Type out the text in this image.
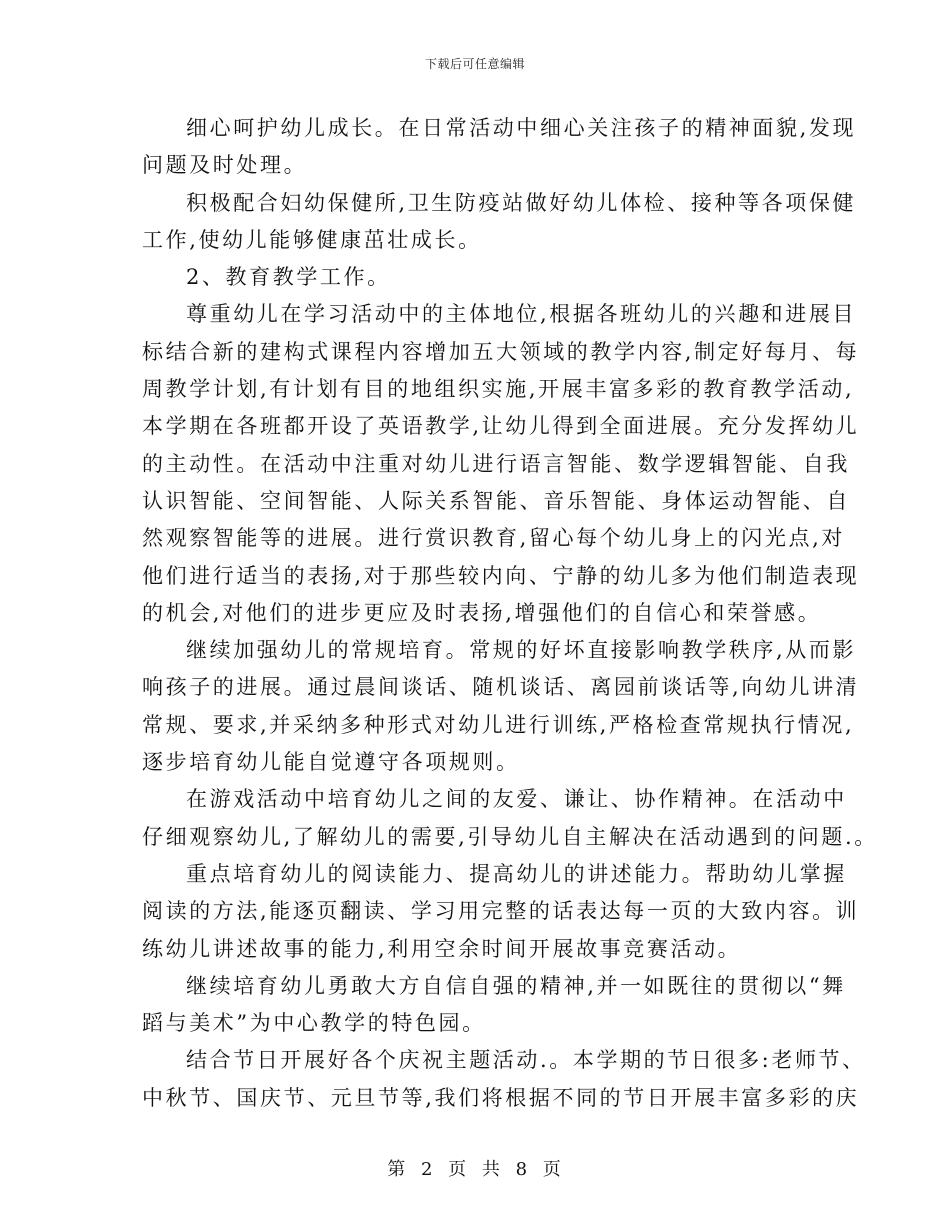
下载后可任意编辑
细心呵护幼儿成长。在日常活动中细心关注孩子的精神面貌,发现
问题及时处理。
积极配合妇幼保健所,卫生防疫站做好幼儿体检、接种等各项保健
工作,使幼儿能够健康茁壮成长。
2、教育教学工作。
尊重幼儿在学习活动中的主体地位,根据各班幼儿的兴趣和进展目
标结合新的建构式课程内容增加五大领域的教学内容,制定好每月、每
周教学计划,有计划有目的地组织实施,开展丰富多彩的教育教学活动,
本学期在各班都开设了英语教学,让幼儿得到全面进展。充分发挥幼儿
的主动性。在活动中注重对幼儿进行语言智能、数学逻辑智能、自我
认识智能、空间智能、人际关系智能、音乐智能、身体运动智能、自
然观察智能等的进展。进行赏识教育,留心每个幼儿身上的闪光点,对
他们进行适当的表扬,对于那些较内向、宁静的幼儿多为他们制造表现
的机会,对他们的进步更应及时表扬,增强他们的自信心和荣誉感。
继续加强幼儿的常规培育。常规的好坏直接影响教学秩序,从而影
响孩子的进展。通过晨间谈话、随机谈话、离园前谈话等,向幼儿讲清
常规、要求,并采纳多种形式对幼儿进行训练,严格检查常规执行情况,
逐步培育幼儿能自觉遵守各项规则。
在游戏活动中培育幼儿之间的友爱、谦让、协作精神。在活动中
仔细观察幼儿,了解幼儿的需要,引导幼儿自主解决在活动遇到的问题.。
重点培育幼儿的阅读能力、提高幼儿的讲述能力。帮助幼儿掌握
阅读的方法,能逐页翻读、学习用完整的话表达每一页的大致内容。训
练幼儿讲述故事的能力,利用空余时间开展故事竞赛活动。
继续培育幼儿勇敢大方自信自强的精神,并一如既往的贯彻以“舞
蹈与美术”为中心教学的特色园。
结合节日开展好各个庆祝主题活动.。本学期的节日很多:老师节、
中秋节、国庆节、元旦节等,我们将根据不同的节日开展丰富多彩的庆
第 2 页 共 8 页
